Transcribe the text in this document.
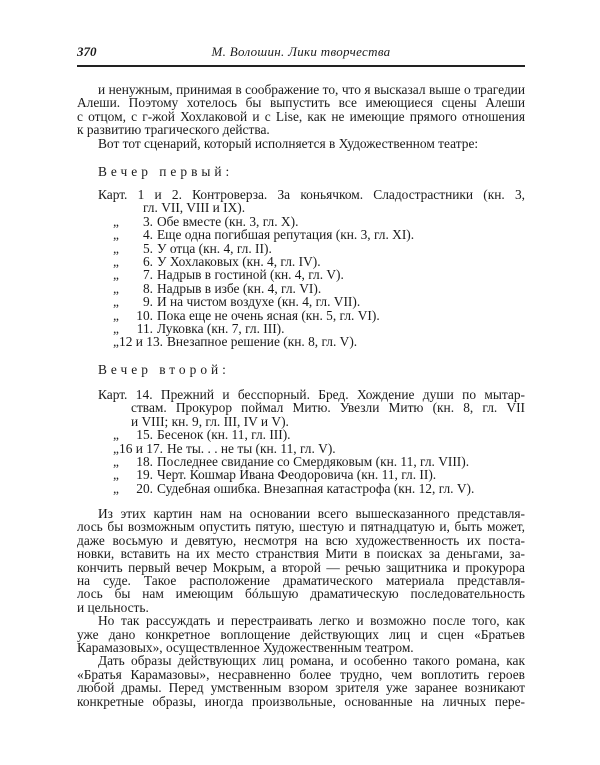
370	М. Волошин. Лики творчества
и ненужным, принимая в соображение то, что я высказал выше о трагедии
Алеши. Поэтому хотелось бы выпустить все имеющиеся сцены Алеши
с отцом, с г-жой Хохлаковой и с Lise, как не имеющие прямого отношения
к развитию трагического действа.
Вот тот сценарий, который исполняется в Художественном театре:
Вечер первый:
Карт. 1 и 2. Контроверза. За коньячком. Сладострастники (кн. 3,
гл. VII, VIII и IX).
„ 3. Обе вместе (кн. 3, гл. X).
„ 4. Еще одна погибшая репутация (кн. 3, гл. XI).
„ 5. У отца (кн. 4, гл. II).
„ 6. У Хохлаковых (кн. 4, гл. IV).
„ 7. Надрыв в гостиной (кн. 4, гл. V).
„ 8. Надрыв в избе (кн. 4, гл. VI).
„ 9. И на чистом воздухе (кн. 4, гл. VII).
„ 10. Пока еще не очень ясная (кн. 5, гл. VI).
„ 11. Луковка (кн. 7, гл. III).
„12 и 13. Внезапное решение (кн. 8, гл. V).
Вечер второй:
Карт. 14. Прежний и бесспорный. Бред. Хождение души по мытар-
ствам. Прокурор поймал Митю. Увезли Митю (кн. 8, гл. VII
и VIII; кн. 9, гл. III, IV и V).
„ 15. Бесенок (кн. 11, гл. III).
„16 и 17. Не ты. . . не ты (кн. 11, гл. V).
„ 18. Последнее свидание со Смердяковым (кн. 11, гл. VIII).
„ 19. Черт. Кошмар Ивана Феодоровича (кн. 11, гл. II).
„ 20. Судебная ошибка. Внезапная катастрофа (кн. 12, гл. V).
Из этих картин нам на основании всего вышесказанного представля-
лось бы возможным опустить пятую, шестую и пятнадцатую и, быть может,
даже восьмую и девятую, несмотря на всю художественность их поста-
новки, вставить на их место странствия Мити в поисках за деньгами, за-
кончить первый вечер Мокрым, а второй — речью защитника и прокурора
на суде. Такое расположение драматического материала представля-
лось бы нам имеющим бóльшую драматическую последовательность
и цельность.
Но так рассуждать и перестраивать легко и возможно после того, как
уже дано конкретное воплощение действующих лиц и сцен «Братьев
Карамазовых», осуществленное Художественным театром.
Дать образы действующих лиц романа, и особенно такого романа, как
«Братья Карамазовы», несравненно более трудно, чем воплотить героев
любой драмы. Перед умственным взором зрителя уже заранее возникают
конкретные образы, иногда произвольные, основанные на личных пере-
